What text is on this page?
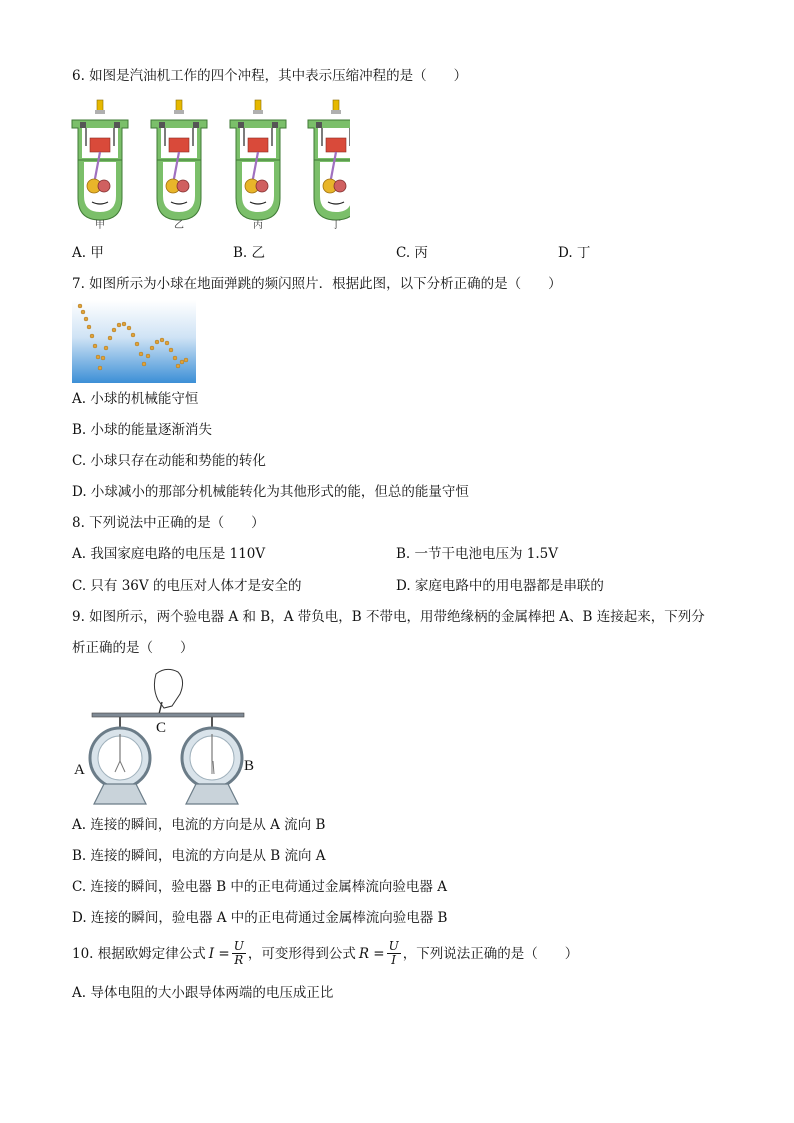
6. 如图是汽油机工作的四个冲程，其中表示压缩冲程的是（　　）
甲	乙	丙	丁
A. 甲	B. 乙	C. 丙	D. 丁
7. 如图所示为小球在地面弹跳的频闪照片．根据此图，以下分析正确的是（　　）
A. 小球的机械能守恒
B. 小球的能量逐渐消失
C. 小球只存在动能和势能的转化
D. 小球减小的那部分机械能转化为其他形式的能，但总的能量守恒
8. 下列说法中正确的是（　　）
A. 我国家庭电路的电压是 110V	B. 一节干电池电压为 1.5V
C. 只有 36V 的电压对人体才是安全的	D. 家庭电路中的用电器都是串联的
9. 如图所示，两个验电器 A 和 B，A 带负电，B 不带电，用带绝缘柄的金属棒把 A、B 连接起来，下列分
析正确的是（　　）
C
A	B
A. 连接的瞬间，电流的方向是从 A 流向 B
B. 连接的瞬间，电流的方向是从 B 流向 A
C. 连接的瞬间，验电器 B 中的正电荷通过金属棒流向验电器 A
D. 连接的瞬间，验电器 A 中的正电荷通过金属棒流向验电器 B
10. 根据欧姆定律公式 $I = \frac{U}{R}$ ，可变形得到公式 $R = \frac{U}{I}$ ，下列说法正确的是（　　）
A. 导体电阻的大小跟导体两端的电压成正比
